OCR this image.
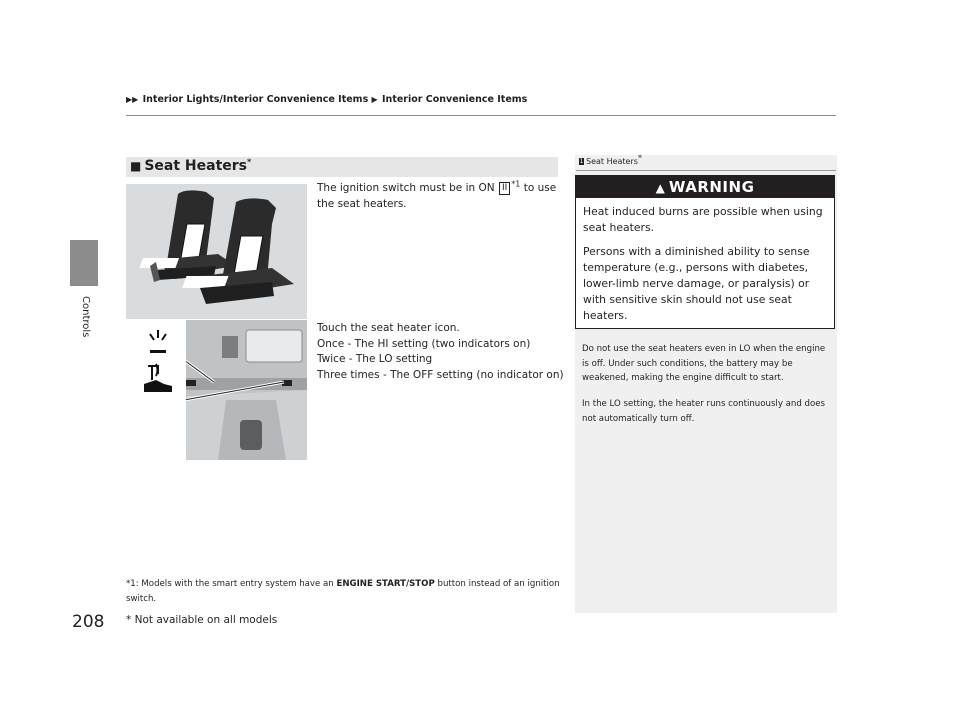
▶▶ Interior Lights/Interior Convenience Items ▶ Interior Convenience Items
Controls
208
■ Seat Heaters*
The ignition switch must be in ON II $^{*1}$ to use the seat heaters.
Touch the seat heater icon.
Once - The HI setting (two indicators on)
Twice - The LO setting
Three times - The OFF setting (no indicator on)
*1: Models with the smart entry system have an ENGINE START/STOP button instead of an ignition switch.
* Not available on all models
1 Seat Heaters*
▲ WARNING
Heat induced burns are possible when using seat heaters.
Persons with a diminished ability to sense temperature (e.g., persons with diabetes, lower-limb nerve damage, or paralysis) or with sensitive skin should not use seat heaters.
Do not use the seat heaters even in LO when the engine is off. Under such conditions, the battery may be weakened, making the engine difficult to start.
In the LO setting, the heater runs continuously and does not automatically turn off.
